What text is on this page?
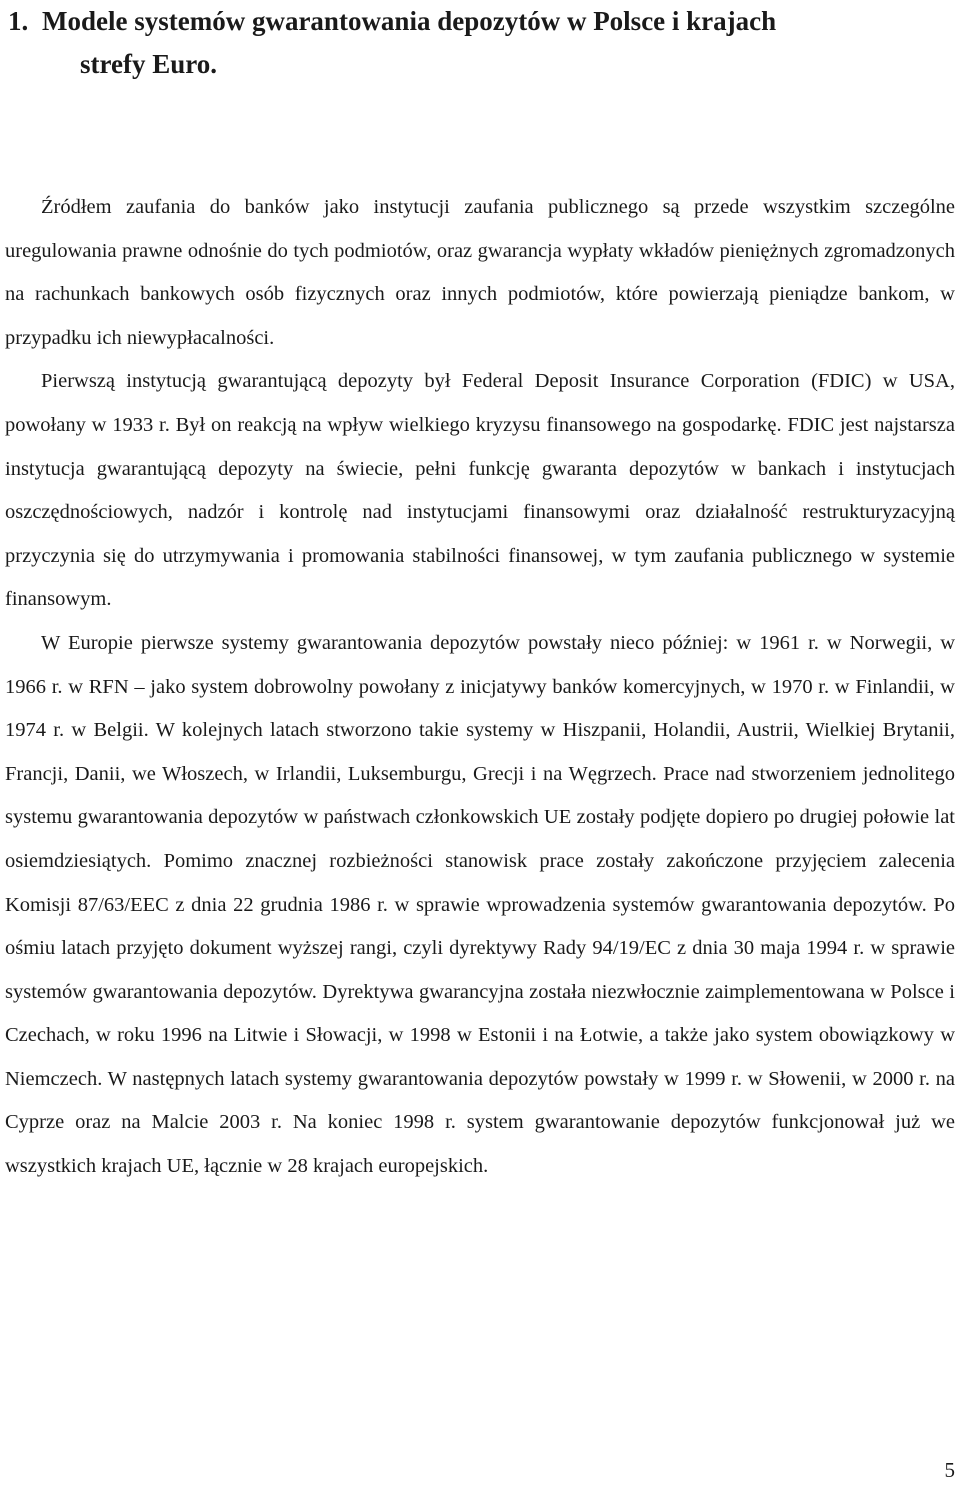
1. Modele systemów gwarantowania depozytów w Polsce i krajach
strefy Euro.

Źródłem zaufania do banków jako instytucji zaufania publicznego są przede wszystkim szczególne uregulowania prawne odnośnie do tych podmiotów, oraz gwarancja wypłaty wkładów pieniężnych zgromadzonych na rachunkach bankowych osób fizycznych oraz innych podmiotów, które powierzają pieniądze bankom, w przypadku ich niewypłacalności.

Pierwszą instytucją gwarantującą depozyty był Federal Deposit Insurance Corporation (FDIC) w USA, powołany w 1933 r. Był on reakcją na wpływ wielkiego kryzysu finansowego na gospodarkę. FDIC jest najstarsza instytucja gwarantującą depozyty na świecie, pełni funkcję gwaranta depozytów w bankach i instytucjach oszczędnościowych, nadzór i kontrolę nad instytucjami finansowymi oraz działalność restrukturyzacyjną przyczynia się do utrzymywania i promowania stabilności finansowej, w tym zaufania publicznego w systemie finansowym.

W Europie pierwsze systemy gwarantowania depozytów powstały nieco później: w 1961 r. w Norwegii, w 1966 r. w RFN – jako system dobrowolny powołany z inicjatywy banków komercyjnych, w 1970 r. w Finlandii, w 1974 r. w Belgii. W kolejnych latach stworzono takie systemy w Hiszpanii, Holandii, Austrii, Wielkiej Brytanii, Francji, Danii, we Włoszech, w Irlandii, Luksemburgu, Grecji i na Węgrzech. Prace nad stworzeniem jednolitego systemu gwarantowania depozytów w państwach członkowskich UE zostały podjęte dopiero po drugiej połowie lat osiemdziesiątych. Pomimo znacznej rozbieżności stanowisk prace zostały zakończone przyjęciem zalecenia Komisji 87/63/EEC z dnia 22 grudnia 1986 r. w sprawie wprowadzenia systemów gwarantowania depozytów. Po ośmiu latach przyjęto dokument wyższej rangi, czyli dyrektywy Rady 94/19/EC z dnia 30 maja 1994 r. w sprawie systemów gwarantowania depozytów. Dyrektywa gwarancyjna została niezwłocznie zaimplementowana w Polsce i Czechach, w roku 1996 na Litwie i Słowacji, w 1998 w Estonii i na Łotwie, a także jako system obowiązkowy w Niemczech. W następnych latach systemy gwarantowania depozytów powstały w 1999 r. w Słowenii, w 2000 r. na Cyprze oraz na Malcie 2003 r. Na koniec 1998 r. system gwarantowanie depozytów funkcjonował już we wszystkich krajach UE, łącznie w 28 krajach europejskich.

5
